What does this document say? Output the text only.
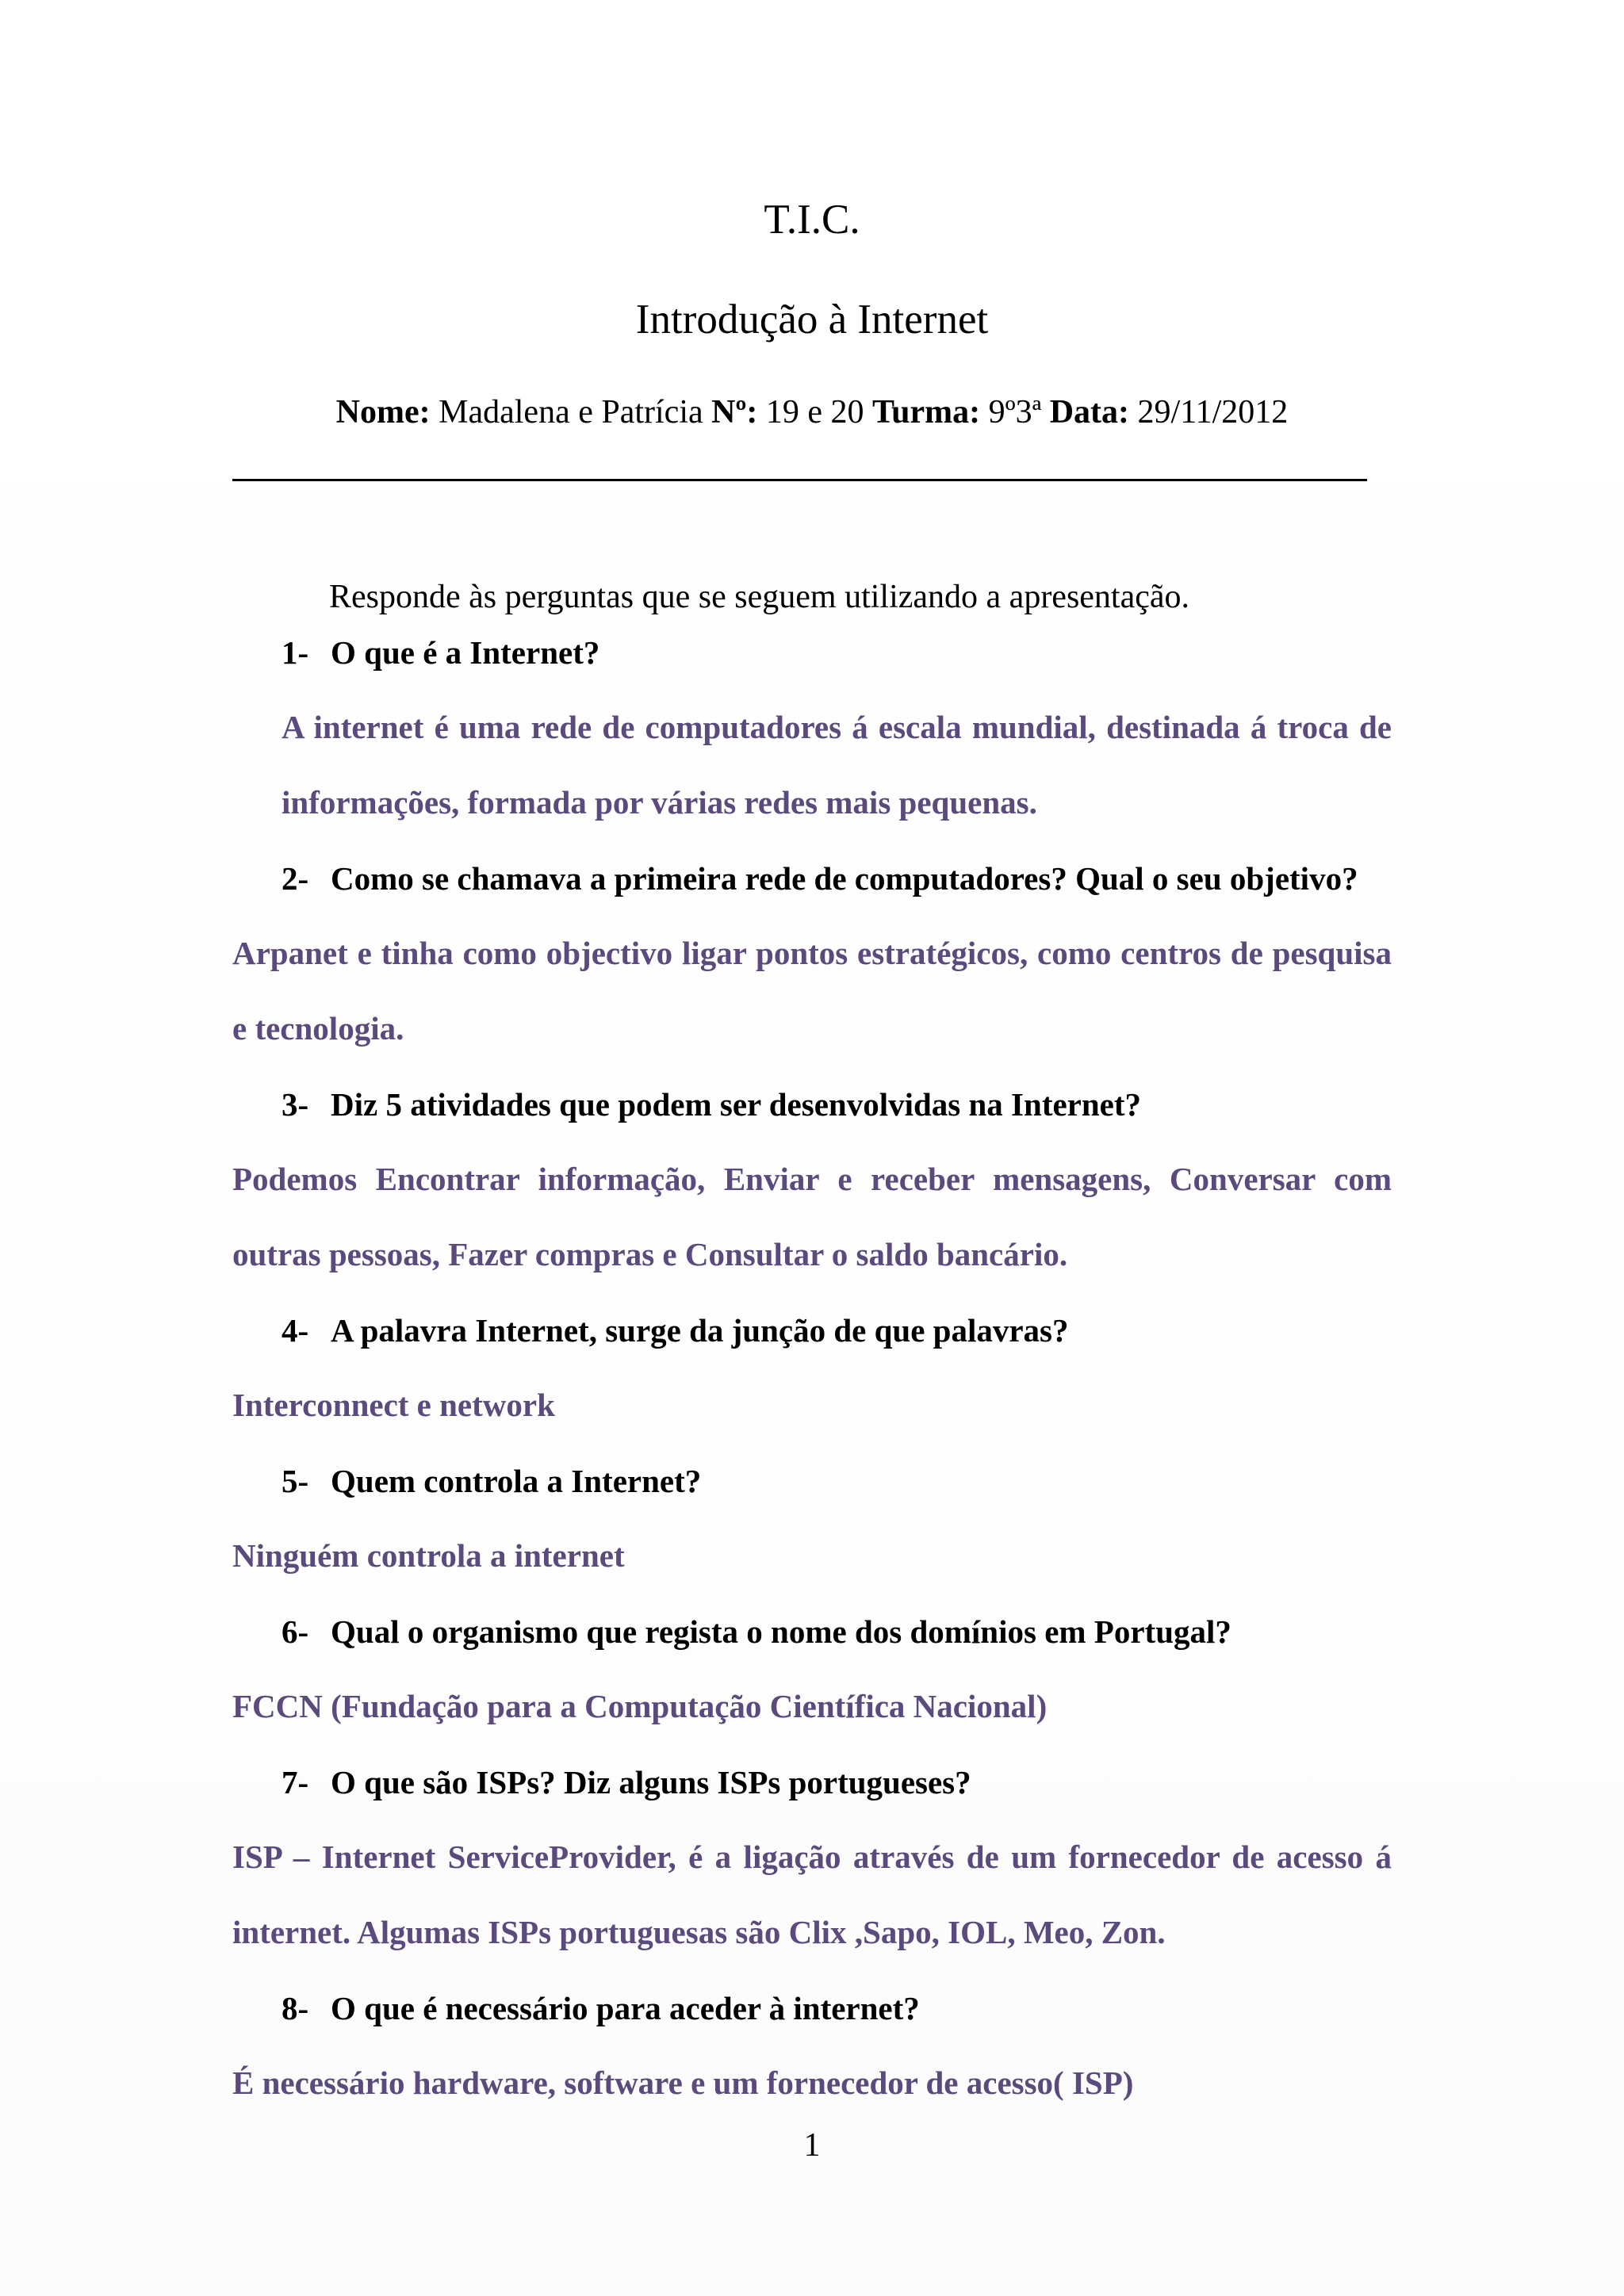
T.I.C.
Introdução à Internet
Nome: Madalena e Patrícia Nº: 19 e 20 Turma: 9º3ª Data: 29/11/2012
Responde às perguntas que se seguem utilizando a apresentação.
1- O que é a Internet?
A internet é uma rede de computadores á escala mundial, destinada á troca de informações, formada por várias redes mais pequenas.
2- Como se chamava a primeira rede de computadores? Qual o seu objetivo?
Arpanet e tinha como objectivo ligar pontos estratégicos, como centros de pesquisa e tecnologia.
3- Diz 5 atividades que podem ser desenvolvidas na Internet?
Podemos Encontrar informação, Enviar e receber mensagens, Conversar com outras pessoas, Fazer compras e Consultar o saldo bancário.
4- A palavra Internet, surge da junção de que palavras?
Interconnect e network
5- Quem controla a Internet?
Ninguém controla a internet
6- Qual o organismo que regista o nome dos domínios em Portugal?
FCCN (Fundação para a Computação Científica Nacional)
7- O que são ISPs? Diz alguns ISPs portugueses?
ISP – Internet ServiceProvider, é a ligação através de um fornecedor de acesso á internet. Algumas ISPs portuguesas são Clix ,Sapo, IOL, Meo, Zon.
8- O que é necessário para aceder à internet?
É necessário hardware, software e um fornecedor de acesso( ISP)
1
